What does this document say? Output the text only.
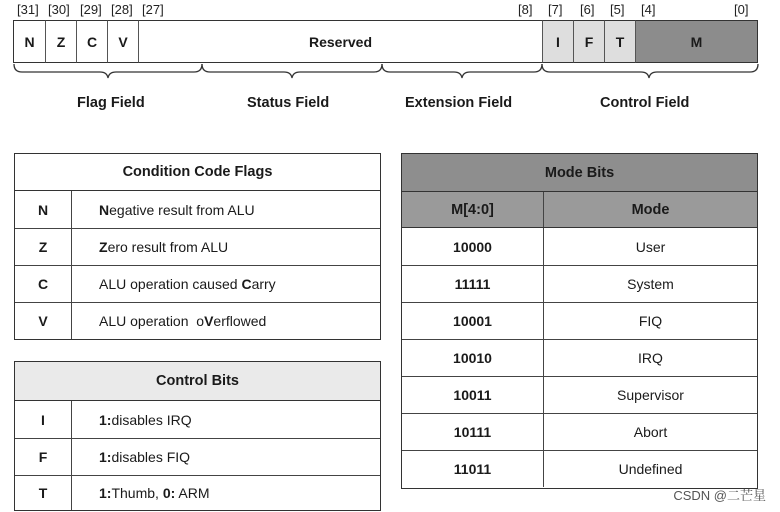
[31] [30] [29] [28] [27]	[8] [7] [6] [5] [4]	[0]
N	Z	C	V	Reserved	I	F	T	M
Flag Field	Status Field	Extension Field	Control Field
Condition Code Flags
N	N egative result from ALU
Z	Z ero result from ALU
C	ALU operation caused C arry
V	ALU operation  o V erflowed
Control Bits
I	1: disables IRQ
F	1: disables FIQ
T	1: Thumb, 0: ARM
Mode Bits
M[4:0]	Mode
10000	User
11111	System
10001	FIQ
10010	IRQ
10011	Supervisor
10111	Abort
11011	Undefined
CSDN @二芒星
